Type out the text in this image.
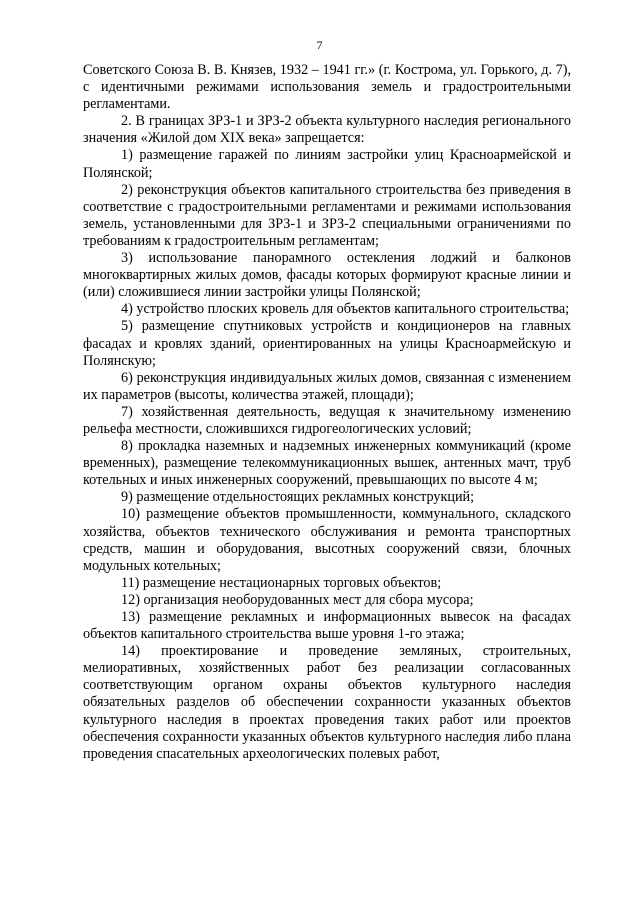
7

Советского Союза В. В. Князев, 1932 – 1941 гг.» (г. Кострома, ул. Горького, д. 7), с идентичными режимами использования земель и градостроительными регламентами.

2. В границах ЗРЗ-1 и ЗРЗ-2 объекта культурного наследия регионального значения «Жилой дом XIX века» запрещается:

1) размещение гаражей по линиям застройки улиц Красноармейской и Полянской;

2) реконструкция объектов капитального строительства без приведения в соответствие с градостроительными регламентами и режимами использования земель, установленными для ЗРЗ-1 и ЗРЗ-2 специальными ограничениями по требованиям к градостроительным регламентам;

3) использование панорамного остекления лоджий и балконов многоквартирных жилых домов, фасады которых формируют красные линии и (или) сложившиеся линии застройки улицы Полянской;

4) устройство плоских кровель для объектов капитального строительства;

5) размещение спутниковых устройств и кондиционеров на главных фасадах и кровлях зданий, ориентированных на улицы Красноармейскую и Полянскую;

6) реконструкция индивидуальных жилых домов, связанная с изменением их параметров (высоты, количества этажей, площади);

7) хозяйственная деятельность, ведущая к значительному изменению рельефа местности, сложившихся гидрогеологических условий;

8) прокладка наземных и надземных инженерных коммуникаций (кроме временных), размещение телекоммуникационных вышек, антенных мачт, труб котельных и иных инженерных сооружений, превышающих по высоте 4 м;

9) размещение отдельностоящих рекламных конструкций;

10) размещение объектов промышленности, коммунального, складского хозяйства, объектов технического обслуживания и ремонта транспортных средств, машин и оборудования, высотных сооружений связи, блочных модульных котельных;

11) размещение нестационарных торговых объектов;

12) организация необорудованных мест для сбора мусора;

13) размещение рекламных и информационных вывесок на фасадах объектов капитального строительства выше уровня 1-го этажа;

14) проектирование и проведение земляных, строительных, мелиоративных, хозяйственных работ без реализации согласованных соответствующим органом охраны объектов культурного наследия обязательных разделов об обеспечении сохранности указанных объектов культурного наследия в проектах проведения таких работ или проектов обеспечения сохранности указанных объектов культурного наследия либо плана проведения спасательных археологических полевых работ,
